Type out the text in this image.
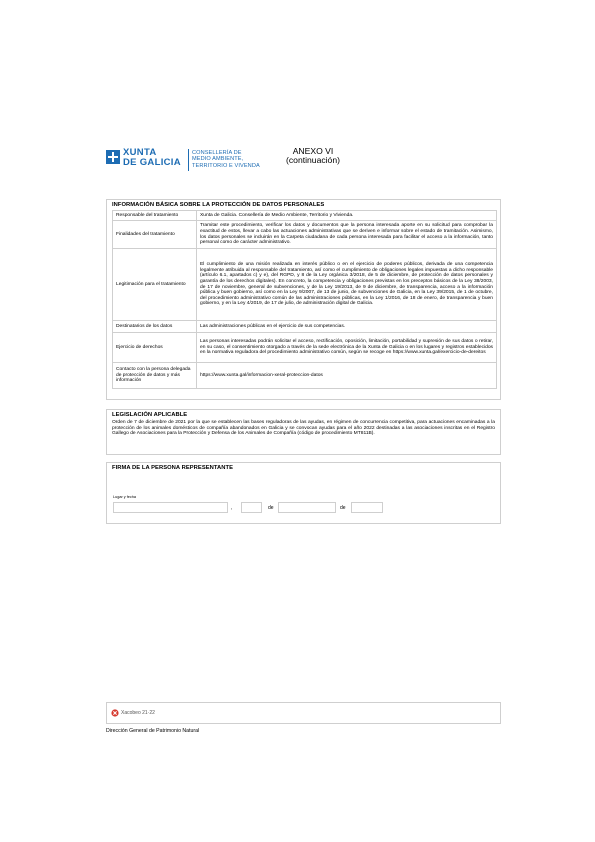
XUNTA
DE GALICIA
CONSELLERÍA DE
MEDIO AMBIENTE,
TERRITORIO E VIVENDA
ANEXO VI
(continuación)
INFORMACIÓN BÁSICA SOBRE LA PROTECCIÓN DE DATOS PERSONALES
Responsable del tratamiento	Xunta de Galicia. Consellería de Medio Ambiente, Territorio y Vivienda.
Finalidades del tratamiento	Tramitar este procedimiento, verificar los datos y documentos que la persona interesada aporte en su solicitud para comprobar la exactitud de estos, llevar a cabo las actuaciones administrativas que se deriven e informar sobre el estado de tramitación. Asimismo, los datos personales se incluirán en la Carpeta ciudadana de cada persona interesada para facilitar el acceso a la información, tanto personal como de carácter administrativo.
Legitimación para el tratamiento	El cumplimiento de una misión realizada en interés público o en el ejercicio de poderes públicos, derivada de una competencia legalmente atribuida al responsable del tratamiento, así como el cumplimiento de obligaciones legales impuestas a dicho responsable (artículo 6.1, apartados c) y e), del RGPD, y 8 de la Ley orgánica 3/2018, de 5 de diciembre, de protección de datos personales y garantía de los derechos digitales). En concreto, la competencia y obligaciones previstas en los preceptos básicos de la Ley 38/2003, de 17 de noviembre, general de subvenciones, y de la Ley 19/2013, de 9 de diciembre, de transparencia, acceso a la información pública y buen gobierno, así como en la Ley 9/2007, de 13 de junio, de subvenciones de Galicia, en la Ley 39/2015, de 1 de octubre, del procedimiento administrativo común de las administraciones públicas, en la Ley 1/2016, de 18 de enero, de transparencia y buen gobierno, y en la Ley 4/2019, de 17 de julio, de administración digital de Galicia.
Destinatarios de los datos	Las administraciones públicas en el ejercicio de sus competencias.
Ejercicio de derechos	Las personas interesadas podrán solicitar el acceso, rectificación, oposición, limitación, portabilidad y supresión de sus datos o retirar, en su caso, el consentimiento otorgado a través de la sede electrónica de la Xunta de Galicia o en los lugares y registros establecidos en la normativa reguladora del procedimiento administrativo común, según se recoge en https://www.xunta.gal/exercicio-de-dereitos
Contacto con la persona delegada de protección de datos y más información	https://www.xunta.gal/informacion-xeral-proteccion-datos
LEGISLACIÓN APLICABLE
Orden de 7 de diciembre de 2021 por la que se establecen las bases reguladoras de las ayudas, en régimen de concurrencia competitiva, para actuaciones encaminadas a la protección de los animales domésticos de compañía abandonados en Galicia y se convocan ayudas para el año 2022 destinadas a las asociaciones inscritas en el Registro Gallego de Asociaciones para la Protección y Defensa de los Animales de Compañía (código de procedimiento MT811B).
FIRMA DE LA PERSONA REPRESENTANTE
Lugar y fecha
,	de	de
Xacobeo 21·22
Dirección General de Patrimonio Natural
